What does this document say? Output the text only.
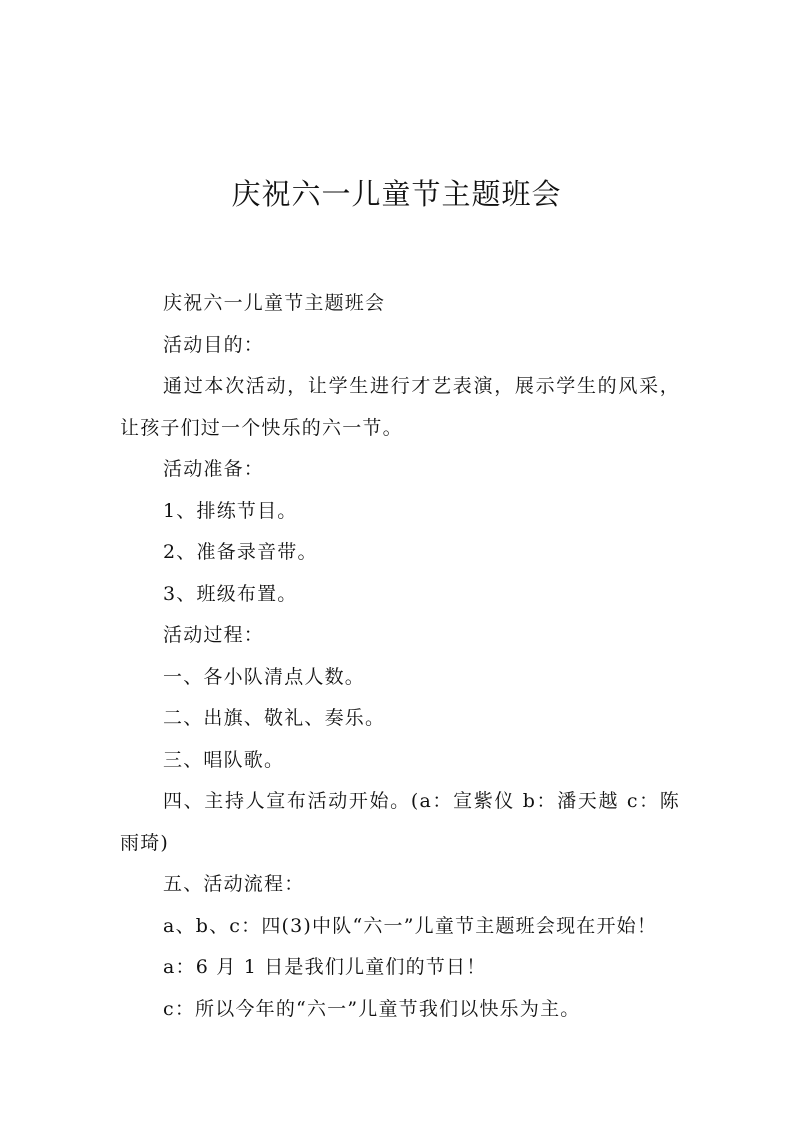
庆祝六一儿童节主题班会

庆祝六一儿童节主题班会

活动目的：

通过本次活动，让学生进行才艺表演，展示学生的风采，让孩子们过一个快乐的六一节。

活动准备：

1、排练节目。

2、准备录音带。

3、班级布置。

活动过程：

一、各小队清点人数。

二、出旗、敬礼、奏乐。

三、唱队歌。

四、主持人宣布活动开始。(a：宣紫仪 b：潘天越 c：陈雨琦)

五、活动流程：

a、b、c：四(3)中队“六一”儿童节主题班会现在开始！

a：6 月 1 日是我们儿童们的节日！

c：所以今年的“六一”儿童节我们以快乐为主。
